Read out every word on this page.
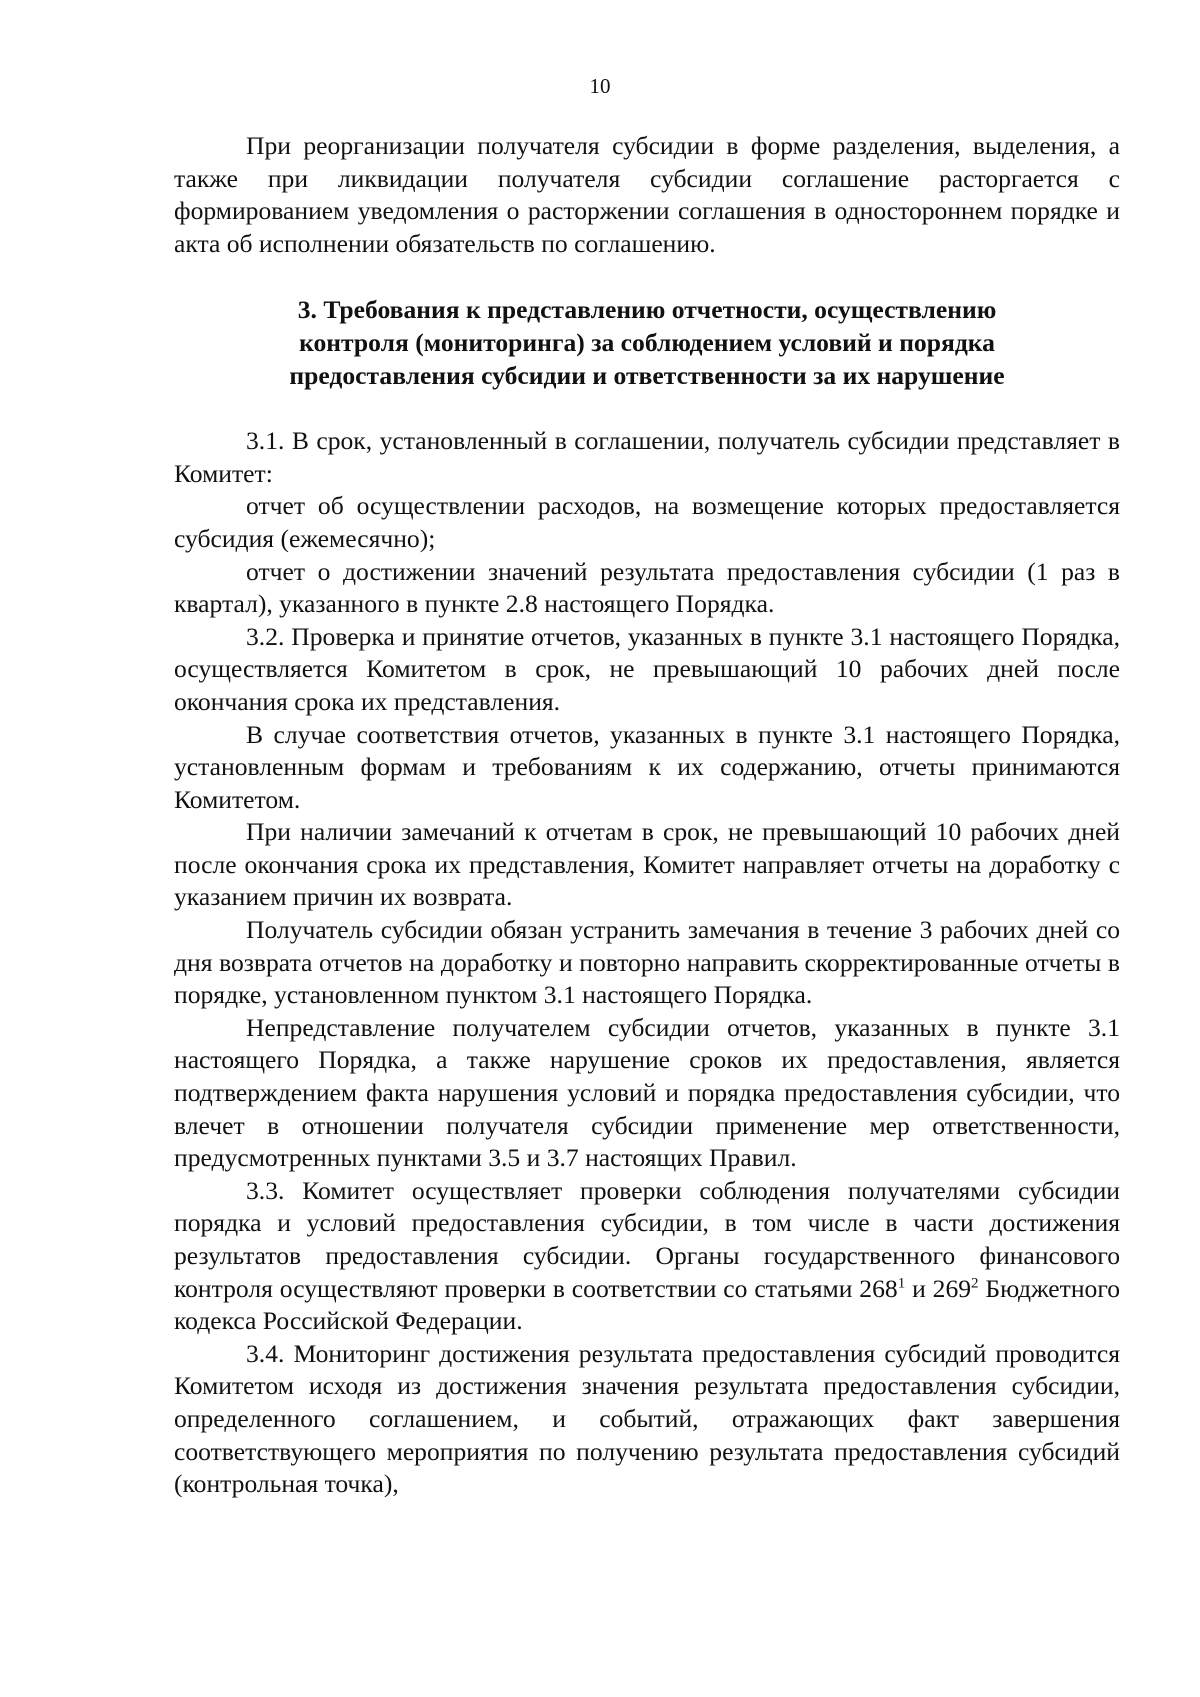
10

При реорганизации получателя субсидии в форме разделения, выделения, а также при ликвидации получателя субсидии соглашение расторгается с формированием уведомления о расторжении соглашения в одностороннем порядке и акта об исполнении обязательств по соглашению.

3. Требования к представлению отчетности, осуществлению
контроля (мониторинга) за соблюдением условий и порядка
предоставления субсидии и ответственности за их нарушение

3.1. В срок, установленный в соглашении, получатель субсидии представляет в Комитет:

отчет об осуществлении расходов, на возмещение которых предоставляется субсидия (ежемесячно);

отчет о достижении значений результата предоставления субсидии (1 раз в квартал), указанного в пункте 2.8 настоящего Порядка.

3.2. Проверка и принятие отчетов, указанных в пункте 3.1 настоящего Порядка, осуществляется Комитетом в срок, не превышающий 10 рабочих дней после окончания срока их представления.

В случае соответствия отчетов, указанных в пункте 3.1 настоящего Порядка, установленным формам и требованиям к их содержанию, отчеты принимаются Комитетом.

При наличии замечаний к отчетам в срок, не превышающий 10 рабочих дней после окончания срока их представления, Комитет направляет отчеты на доработку с указанием причин их возврата.

Получатель субсидии обязан устранить замечания в течение 3 рабочих дней со дня возврата отчетов на доработку и повторно направить скорректированные отчеты в порядке, установленном пунктом 3.1 настоящего Порядка.

Непредставление получателем субсидии отчетов, указанных в пункте 3.1 настоящего Порядка, а также нарушение сроков их предоставления, является подтверждением факта нарушения условий и порядка предоставления субсидии, что влечет в отношении получателя субсидии применение мер ответственности, предусмотренных пунктами 3.5 и 3.7 настоящих Правил.

3.3. Комитет осуществляет проверки соблюдения получателями субсидии порядка и условий предоставления субсидии, в том числе в части достижения результатов предоставления субсидии. Органы государственного финансового контроля осуществляют проверки в соответствии со статьями $268^1$ и $269^2$ Бюджетного кодекса Российской Федерации.

3.4. Мониторинг достижения результата предоставления субсидий проводится Комитетом исходя из достижения значения результата предоставления субсидии, определенного соглашением, и событий, отражающих факт завершения соответствующего мероприятия по получению результата предоставления субсидий (контрольная точка),
